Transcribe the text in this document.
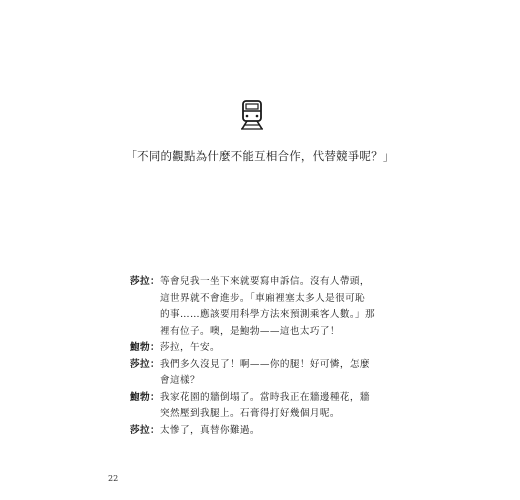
「不同的觀點為什麼不能互相合作，代替競爭呢？」
莎拉： 等會兒我一坐下來就要寫申訴信。沒有人帶頭，
這世界就不會進步。「車廂裡塞太多人是很可恥
的事……應該要用科學方法來預測乘客人數。」那
裡有位子。噢，是鮑勃——這也太巧了！
鮑勃： 莎拉，午安。
莎拉： 我們多久沒見了！啊——你的腿！好可憐，怎麼
會這樣？
鮑勃： 我家花園的牆倒塌了。當時我正在牆邊種花，牆
突然壓到我腿上。石膏得打好幾個月呢。
莎拉： 太慘了，真替你難過。
22
